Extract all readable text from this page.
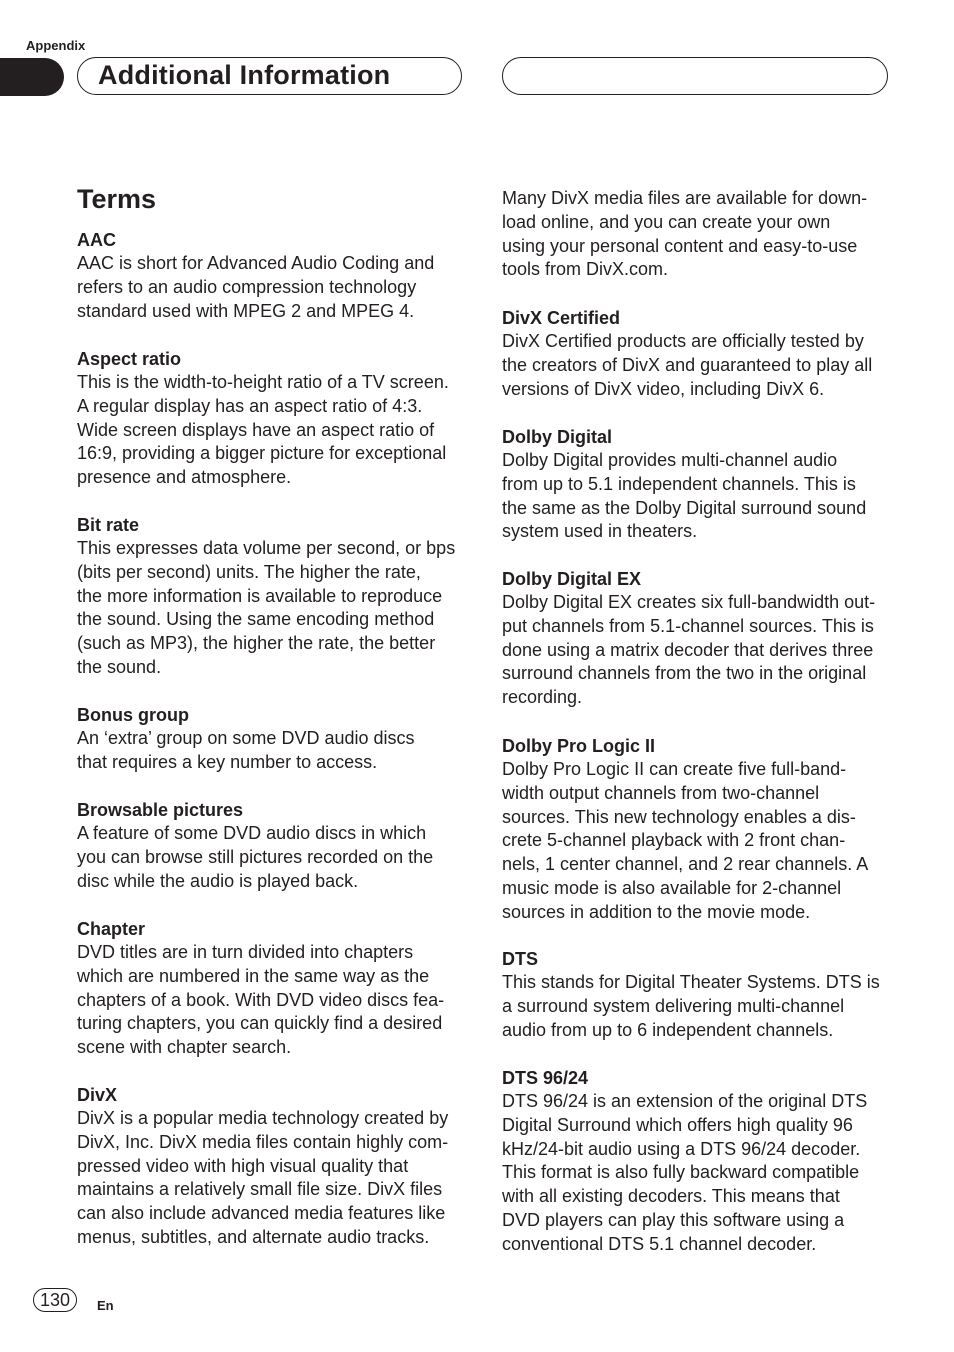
Appendix
Additional Information
Terms

AAC

AAC is short for Advanced Audio Coding and

refers to an audio compression technology

standard used with MPEG 2 and MPEG 4.

Aspect ratio

This is the width-to-height ratio of a TV screen.

A regular display has an aspect ratio of 4:3.

Wide screen displays have an aspect ratio of

16:9, providing a bigger picture for exceptional

presence and atmosphere.

Bit rate

This expresses data volume per second, or bps

(bits per second) units. The higher the rate,

the more information is available to reproduce

the sound. Using the same encoding method

(such as MP3), the higher the rate, the better

the sound.

Bonus group

An ‘extra’ group on some DVD audio discs

that requires a key number to access.

Browsable pictures

A feature of some DVD audio discs in which

you can browse still pictures recorded on the

disc while the audio is played back.

Chapter

DVD titles are in turn divided into chapters

which are numbered in the same way as the

chapters of a book. With DVD video discs fea-

turing chapters, you can quickly find a desired

scene with chapter search.

DivX

DivX is a popular media technology created by

DivX, Inc. DivX media files contain highly com-

pressed video with high visual quality that

maintains a relatively small file size. DivX files

can also include advanced media features like

menus, subtitles, and alternate audio tracks.

Many DivX media files are available for down-

load online, and you can create your own

using your personal content and easy-to-use

tools from DivX.com.

DivX Certified

DivX Certified products are officially tested by

the creators of DivX and guaranteed to play all

versions of DivX video, including DivX 6.

Dolby Digital

Dolby Digital provides multi-channel audio

from up to 5.1 independent channels. This is

the same as the Dolby Digital surround sound

system used in theaters.

Dolby Digital EX

Dolby Digital EX creates six full-bandwidth out-

put channels from 5.1-channel sources. This is

done using a matrix decoder that derives three

surround channels from the two in the original

recording.

Dolby Pro Logic II

Dolby Pro Logic II can create five full-band-

width output channels from two-channel

sources. This new technology enables a dis-

crete 5-channel playback with 2 front chan-

nels, 1 center channel, and 2 rear channels. A

music mode is also available for 2-channel

sources in addition to the movie mode.

DTS

This stands for Digital Theater Systems. DTS is

a surround system delivering multi-channel

audio from up to 6 independent channels.

DTS 96/24

DTS 96/24 is an extension of the original DTS

Digital Surround which offers high quality 96

kHz/24-bit audio using a DTS 96/24 decoder.

This format is also fully backward compatible

with all existing decoders. This means that

DVD players can play this software using a

conventional DTS 5.1 channel decoder.

130	En
